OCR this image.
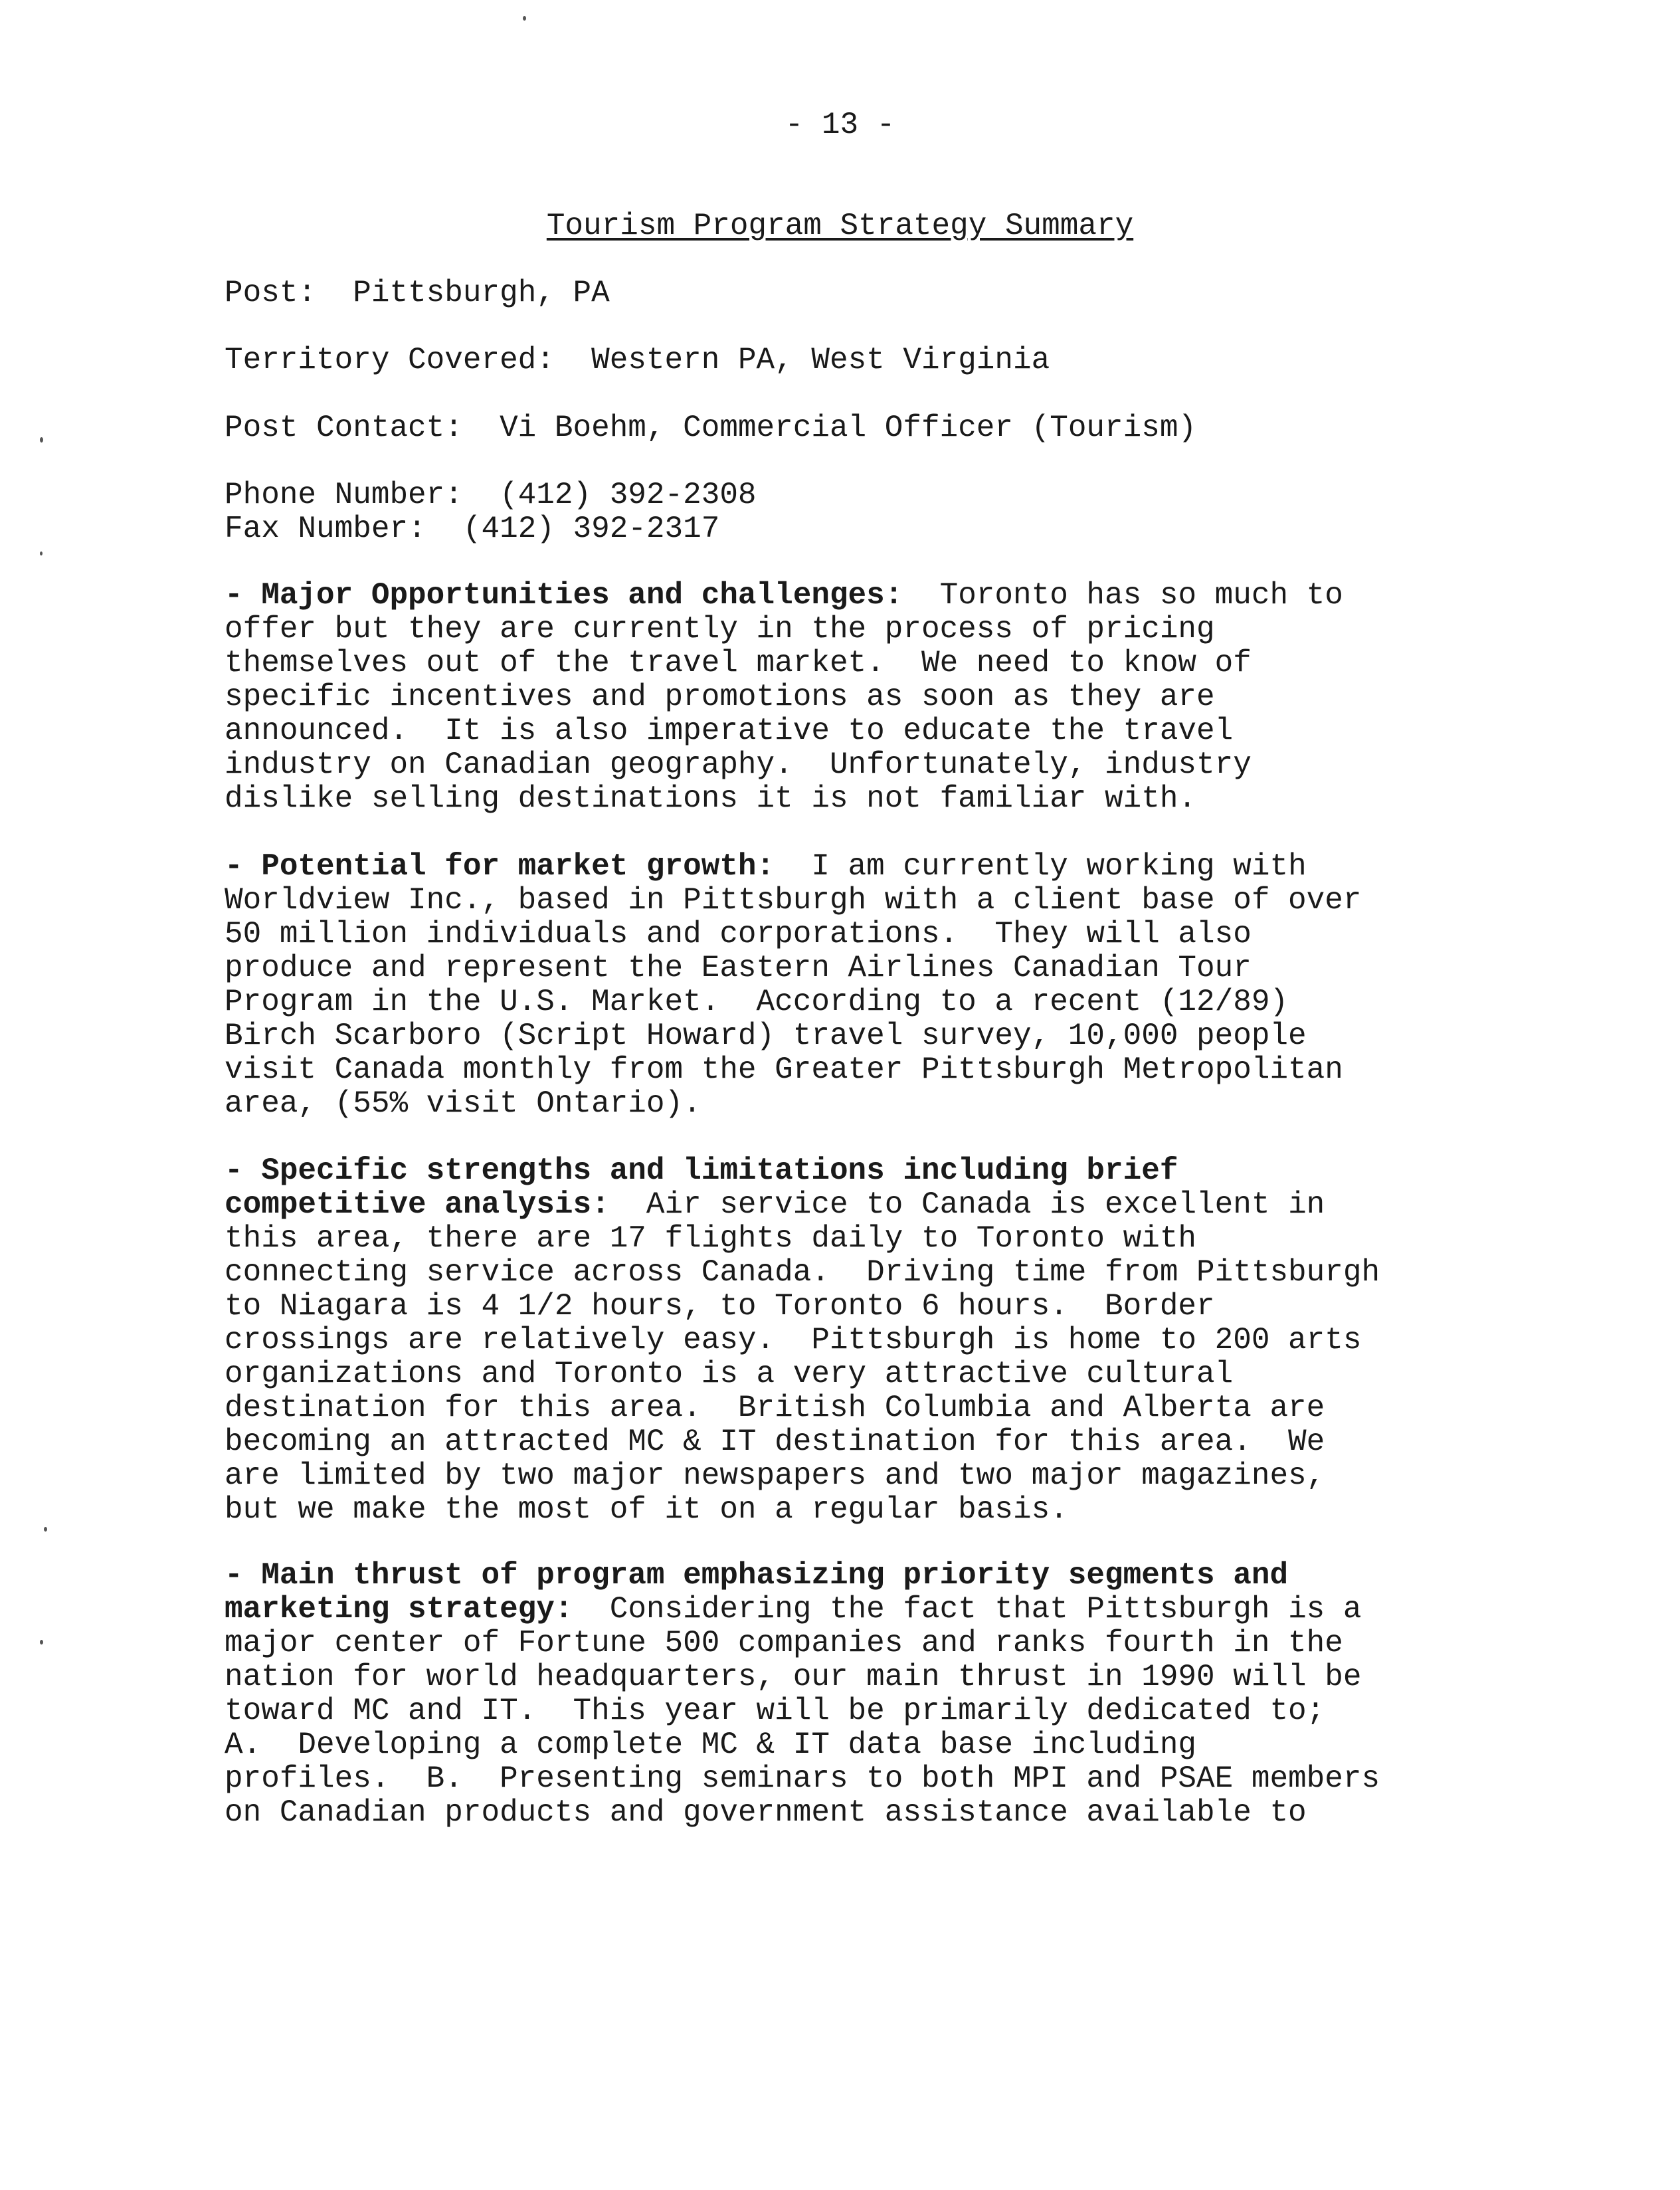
- 13 -
Tourism Program Strategy Summary
Post: Pittsburgh, PA
Territory Covered: Western PA, West Virginia
Post Contact: Vi Boehm, Commercial Officer (Tourism)
Phone Number: (412) 392-2308
Fax Number: (412) 392-2317
- Major Opportunities and challenges:  Toronto has so much to
offer but they are currently in the process of pricing
themselves out of the travel market.  We need to know of
specific incentives and promotions as soon as they are
announced.  It is also imperative to educate the travel
industry on Canadian geography.  Unfortunately, industry
dislike selling destinations it is not familiar with.
- Potential for market growth:  I am currently working with
Worldview Inc., based in Pittsburgh with a client base of over
50 million individuals and corporations.  They will also
produce and represent the Eastern Airlines Canadian Tour
Program in the U.S. Market.  According to a recent (12/89)
Birch Scarboro (Script Howard) travel survey, 10,000 people
visit Canada monthly from the Greater Pittsburgh Metropolitan
area, (55% visit Ontario).
- Specific strengths and limitations including brief
competitive analysis:  Air service to Canada is excellent in
this area, there are 17 flights daily to Toronto with
connecting service across Canada.  Driving time from Pittsburgh
to Niagara is 4 1/2 hours, to Toronto 6 hours.  Border
crossings are relatively easy.  Pittsburgh is home to 200 arts
organizations and Toronto is a very attractive cultural
destination for this area.  British Columbia and Alberta are
becoming an attracted MC & IT destination for this area.  We
are limited by two major newspapers and two major magazines,
but we make the most of it on a regular basis.
- Main thrust of program emphasizing priority segments and
marketing strategy:  Considering the fact that Pittsburgh is a
major center of Fortune 500 companies and ranks fourth in the
nation for world headquarters, our main thrust in 1990 will be
toward MC and IT.  This year will be primarily dedicated to;
A.  Developing a complete MC & IT data base including
profiles.  B.  Presenting seminars to both MPI and PSAE members
on Canadian products and government assistance available to
